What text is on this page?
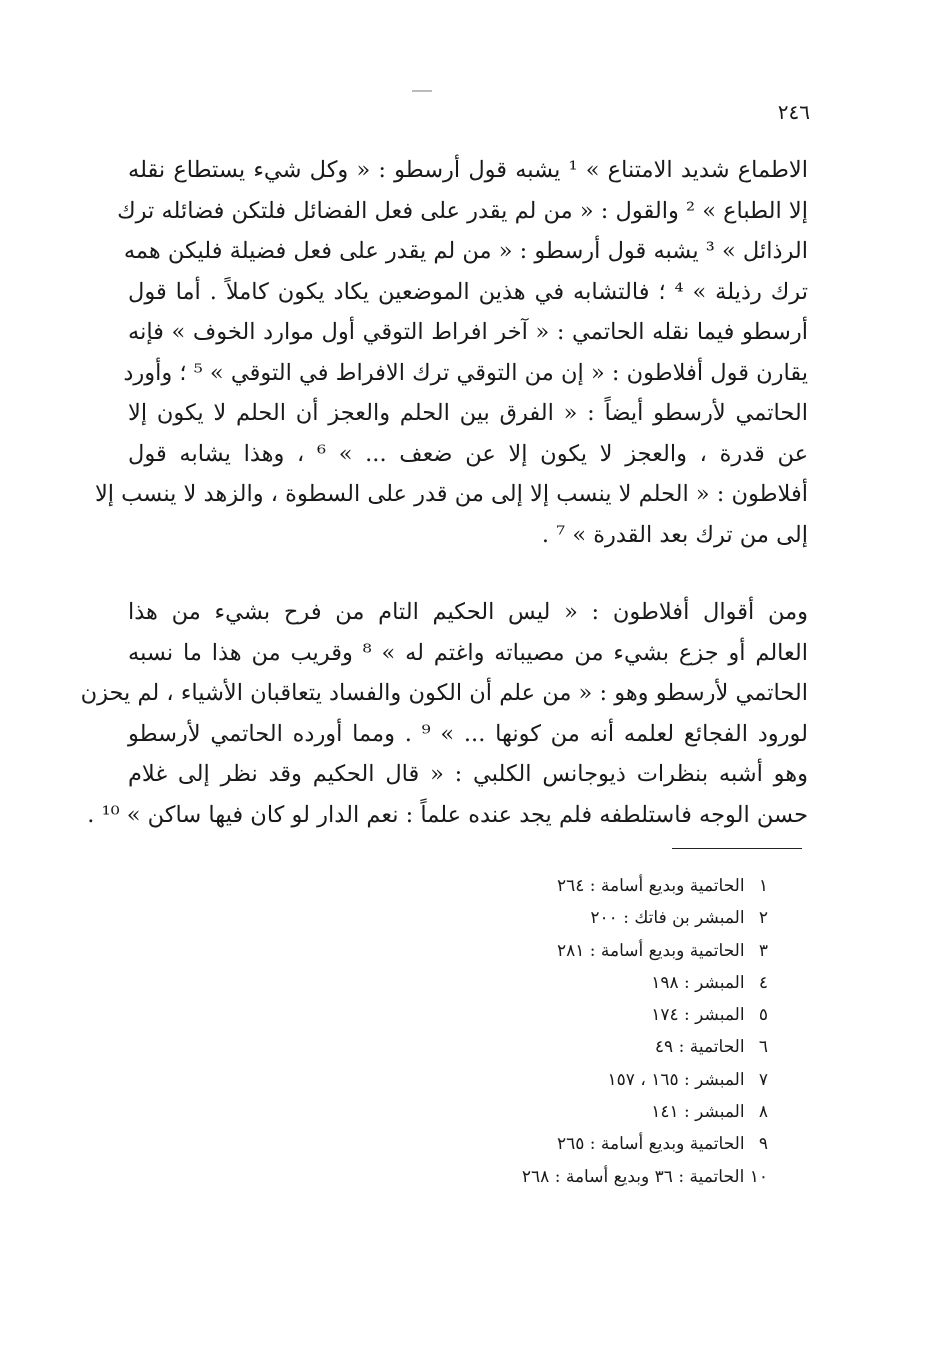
٢٤٦

الاطماع شديد الامتناع » ¹ يشبه قول أرسطو : « وكل شيء يستطاع نقله
إلا الطباع » ² والقول : « من لم يقدر على فعل الفضائل فلتكن فضائله ترك
الرذائل » ³ يشبه قول أرسطو : « من لم يقدر على فعل فضيلة فليكن همه
ترك رذيلة » ⁴ ؛ فالتشابه في هذين الموضعين يكاد يكون كاملاً . أما قول
أرسطو فيما نقله الحاتمي : « آخر افراط التوقي أول موارد الخوف » فإنه
يقارن قول أفلاطون : « إن من التوقي ترك الافراط في التوقي » ⁵ ؛ وأورد
الحاتمي لأرسطو أيضاً : « الفرق بين الحلم والعجز أن الحلم لا يكون إلا
عن قدرة ، والعجز لا يكون إلا عن ضعف ... » ⁶ ، وهذا يشابه قول
أفلاطون : « الحلم لا ينسب إلا إلى من قدر على السطوة ، والزهد لا ينسب إلا
إلى من ترك بعد القدرة » ⁷ .

ومن أقوال أفلاطون : « ليس الحكيم التام من فرح بشيء من هذا
العالم أو جزع بشيء من مصيباته واغتم له » ⁸ وقريب من هذا ما نسبه
الحاتمي لأرسطو وهو : « من علم أن الكون والفساد يتعاقبان الأشياء ، لم يحزن
لورود الفجائع لعلمه أنه من كونها ... » ⁹ . ومما أورده الحاتمي لأرسطو
وهو أشبه بنظرات ذيوجانس الكلبي : « قال الحكيم وقد نظر إلى غلام
حسن الوجه فاستلطفه فلم يجد عنده علماً : نعم الدار لو كان فيها ساكن » ¹⁰ .

١ الحاتمية وبديع أسامة : ٢٦٤
٢ المبشر بن فاتك : ٢٠٠
٣ الحاتمية وبديع أسامة : ٢٨١
٤ المبشر : ١٩٨
٥ المبشر : ١٧٤
٦ الحاتمية : ٤٩
٧ المبشر : ١٦٥ ، ١٥٧
٨ المبشر : ١٤١
٩ الحاتمية وبديع أسامة : ٢٦٥
١٠ الحاتمية : ٣٦ وبديع أسامة : ٢٦٨
